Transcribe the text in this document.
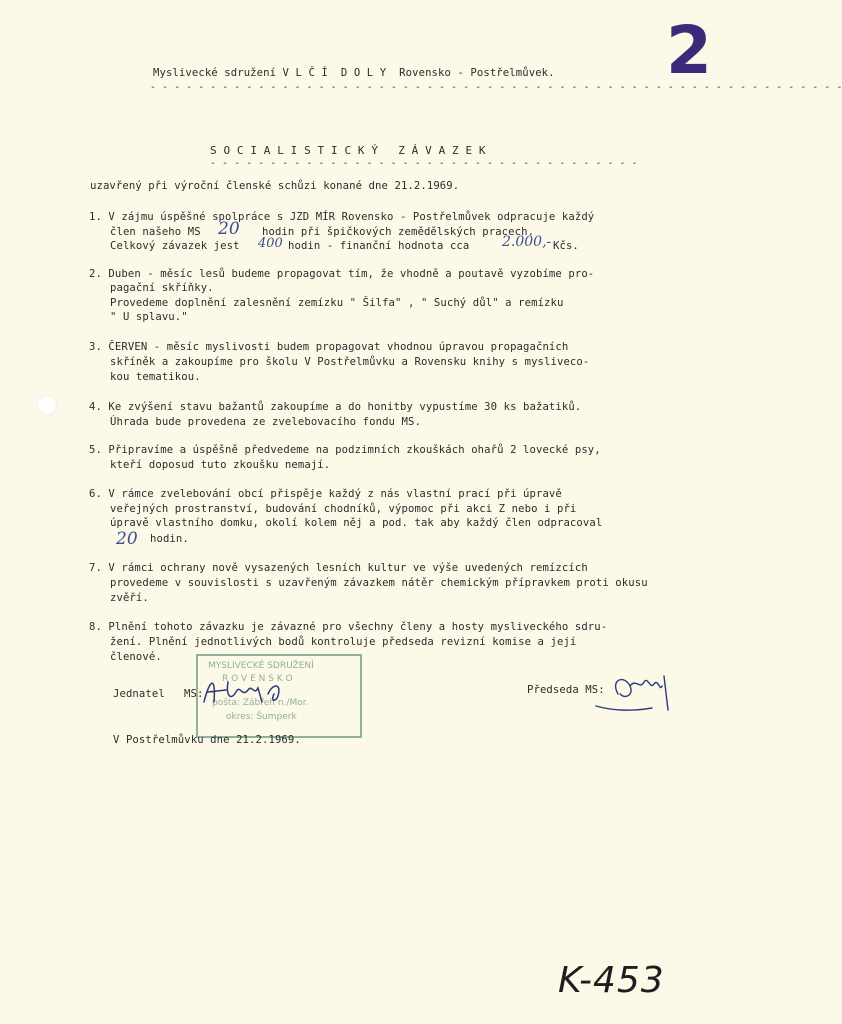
2
Myslivecké sdružení V L Č Í  D O L Y  Rovensko - Postřelmůvek.
- - - - - - - - - - - - - - - - - - - - - - - - - - - - - - - - - - - - - - - - - - - - - - - - - - - - - - - - - -
S O C I A L I S T I C K Ý   Z Á V A Z E K
- - - - - - - - - - - - - - - - - - - - - - - - - - - - - - - - - - - -
uzavřený při výroční členské schůzi konané dne 21.2.1969.
1. V zájmu úspěšné spolpráce s JZD MÍR Rovensko - Postřelmůvek odpracuje každý
člen našeho MS 20 hodin při špičkových zemědělských pracech.
Celkový závazek jest 400 hodin - finanční hodnota cca 2.000,- Kčs.
2. Duben - měsíc lesů budeme propagovat tím, že vhodně a poutavě vyzobíme pro-
pagační skříňky.
Provedeme doplnění zalesnění zemízku " Šilfa" , " Suchý důl" a remízku
" U splavu."
3. ČERVEN - měsíc myslivosti budem propagovat vhodnou úpravou propagačních
skříněk a zakoupíme pro školu V Postřelmůvku a Rovensku knihy s mysliveco-
kou tematikou.
4. Ke zvýšení stavu bažantů zakoupíme a do honitby vypustíme 30 ks bažatiků.
Úhrada bude provedena ze zvelebovacího fondu MS.
5. Připravíme a úspěšně předvedeme na podzimních zkouškách ohařů 2 lovecké psy,
kteří doposud tuto zkoušku nemají.
6. V rámce zvelebování obcí přispěje každý z nás vlastní prací při úpravě
veřejných prostranství, budování chodníků, výpomoc při akci Z nebo i při
úpravě vlastního domku, okolí kolem něj a pod. tak aby každý člen odpracoval
20 hodin.
7. V rámci ochrany nově vysazených lesních kultur ve výše uvedených remízcích
provedeme v souvislosti s uzavřeným závazkem nátěr chemickým přípravkem proti okusu
zvěří.
8. Plnění tohoto závazku je závazné pro všechny členy a hosty mysliveckého sdru-
žení. Plnění jednotlivých bodů kontroluje předseda revizní komise a její
členové.
MYSLIVECKÉ SDRUŽENÍ
R O V E N S K O
pošta: Zábřeh n./Mor.
okres: Šumperk
Jednatel MS:	Předseda MS:
V Postřelmůvku dne 21.2.1969.
K-453
